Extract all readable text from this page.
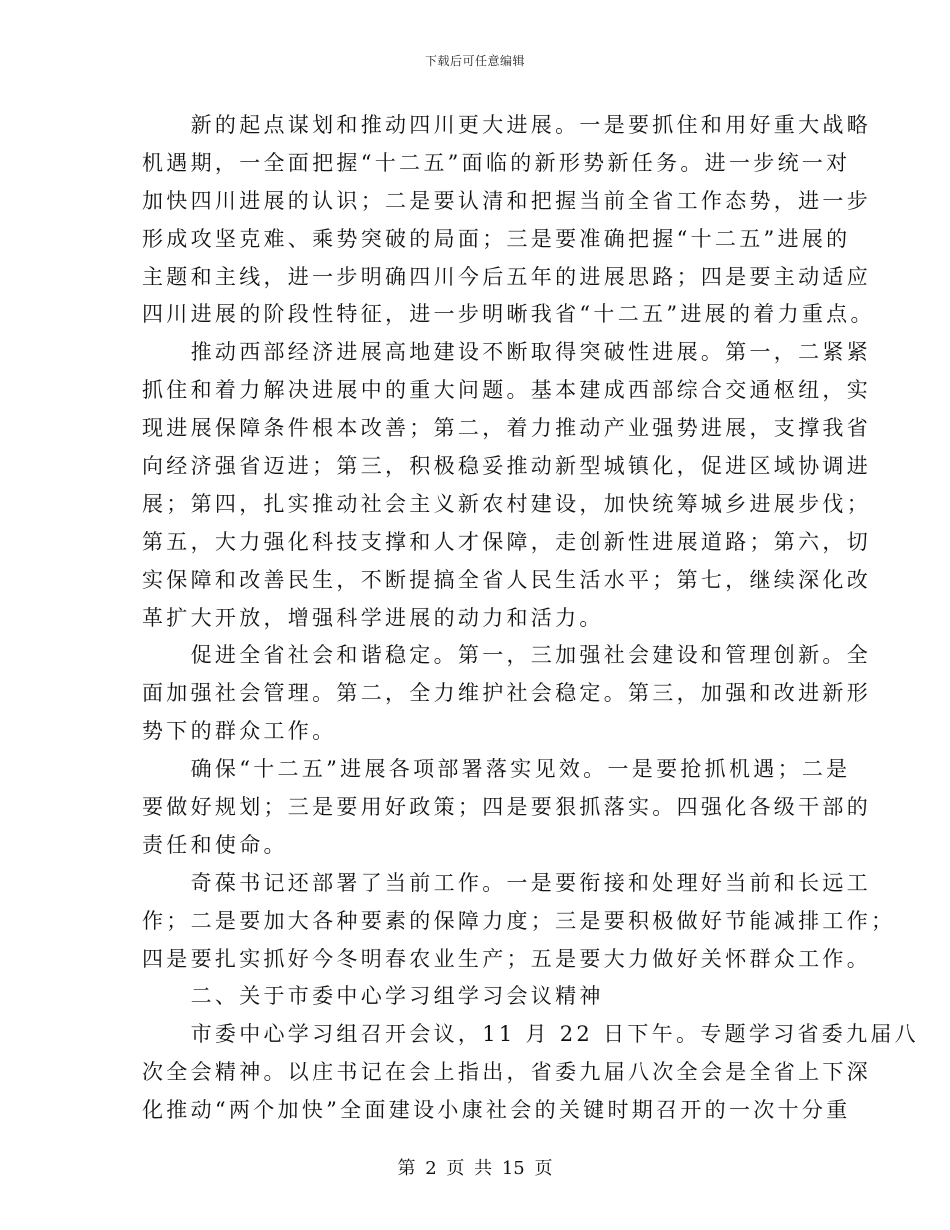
下载后可任意编辑
　　新的起点谋划和推动四川更大进展。一是要抓住和用好重大战略
机遇期，一全面把握“十二五”面临的新形势新任务。进一步统一对
加快四川进展的认识；二是要认清和把握当前全省工作态势，进一步
形成攻坚克难、乘势突破的局面；三是要准确把握“十二五”进展的
主题和主线，进一步明确四川今后五年的进展思路；四是要主动适应
四川进展的阶段性特征，进一步明晰我省“十二五”进展的着力重点。
　　推动西部经济进展高地建设不断取得突破性进展。第一，二紧紧
抓住和着力解决进展中的重大问题。基本建成西部综合交通枢纽，实
现进展保障条件根本改善；第二，着力推动产业强势进展，支撑我省
向经济强省迈进；第三，积极稳妥推动新型城镇化，促进区域协调进
展；第四，扎实推动社会主义新农村建设，加快统筹城乡进展步伐；
第五，大力强化科技支撑和人才保障，走创新性进展道路；第六，切
实保障和改善民生，不断提搞全省人民生活水平；第七，继续深化改
革扩大开放，增强科学进展的动力和活力。
　　促进全省社会和谐稳定。第一，三加强社会建设和管理创新。全
面加强社会管理。第二，全力维护社会稳定。第三，加强和改进新形
势下的群众工作。
　　确保“十二五”进展各项部署落实见效。一是要抢抓机遇；二是
要做好规划；三是要用好政策；四是要狠抓落实。四强化各级干部的
责任和使命。
　　奇葆书记还部署了当前工作。一是要衔接和处理好当前和长远工
作；二是要加大各种要素的保障力度；三是要积极做好节能减排工作；
四是要扎实抓好今冬明春农业生产；五是要大力做好关怀群众工作。
　　二、关于市委中心学习组学习会议精神
　　市委中心学习组召开会议，11 月 22 日下午。专题学习省委九届八
次全会精神。以庄书记在会上指出，省委九届八次全会是全省上下深
化推动“两个加快”全面建设小康社会的关键时期召开的一次十分重
第 2 页 共 15 页
